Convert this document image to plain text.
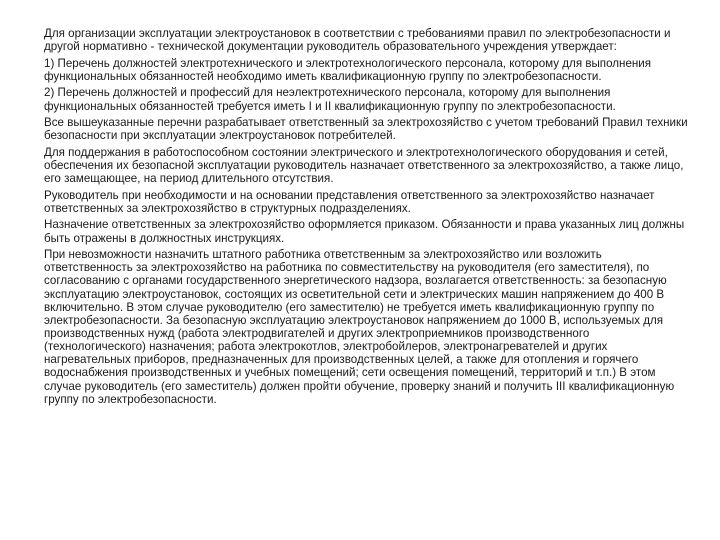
Для организации эксплуатации электроустановок в соответствии с требованиями правил по электробезопасности и другой нормативно - технической документации руководитель образовательного учреждения утверждает:

1) Перечень должностей электротехнического и электротехнологического персонала, которому для выполнения функциональных обязанностей необходимо иметь квалификационную группу по электробезопасности.

2) Перечень должностей и профессий для неэлектротехнического персонала, которому для выполнения функциональных обязанностей требуется иметь I и II квалификационную группу по электробезопасности.

Все вышеуказанные перечни разрабатывает ответственный за электрохозяйство с учетом требований Правил техники безопасности при эксплуатации электроустановок потребителей.

Для поддержания в работоспособном состоянии электрического и электротехнологического оборудования и сетей, обеспечения их безопасной эксплуатации руководитель назначает ответственного за электрохозяйство, а также лицо, его замещающее, на период длительного отсутствия.

Руководитель при необходимости и на основании представления ответственного за электрохозяйство назначает ответственных за электрохозяйство в структурных подразделениях.

Назначение ответственных за электрохозяйство оформляется приказом. Обязанности и права указанных лиц должны быть отражены в должностных инструкциях.

При невозможности назначить штатного работника ответственным за электрохозяйство или возложить ответственность за электрохозяйство на работника по совместительству на руководителя (его заместителя), по согласованию с органами государственного энергетического надзора, возлагается ответственность: за безопасную эксплуатацию электроустановок, состоящих из осветительной сети и электрических машин напряжением до 400 В включительно. В этом случае руководителю (его заместителю) не требуется иметь квалификационную группу по электробезопасности. За безопасную эксплуатацию электроустановок напряжением до 1000 В, используемых для производственных нужд (работа электродвигателей и других электроприемников производственного (технологического) назначения; работа электрокотлов, электробойлеров, электронагревателей и других нагревательных приборов, предназначенных для производственных целей, а также для отопления и горячего водоснабжения производственных и учебных помещений; сети освещения помещений, территорий и т.п.) В этом случае руководитель (его заместитель) должен пройти обучение, проверку знаний и получить III квалификационную группу по электробезопасности.
